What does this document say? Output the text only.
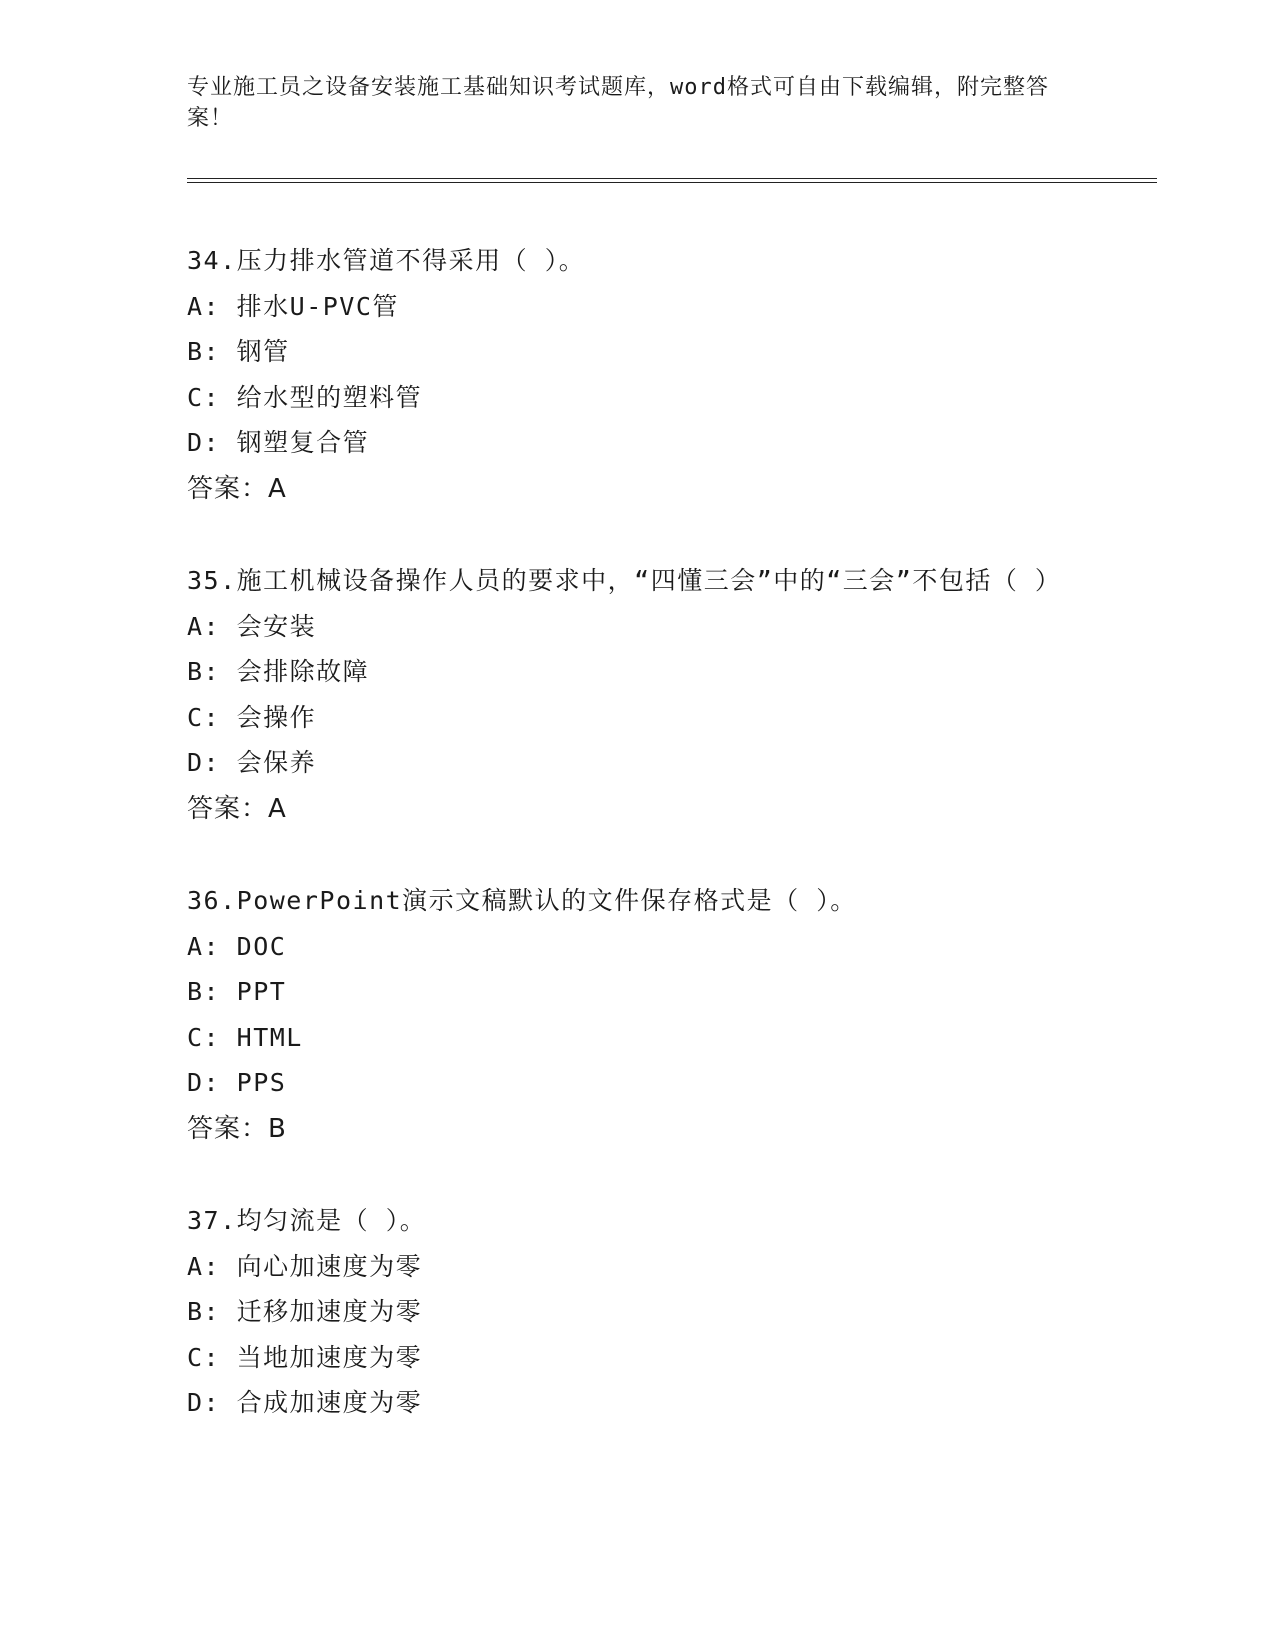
专业施工员之设备安装施工基础知识考试题库，word格式可自由下载编辑，附完整答案！
34.压力排水管道不得采用（ ）。
A: 排水U-PVC管
B: 钢管
C: 给水型的塑料管
D: 钢塑复合管
答案：A
35.施工机械设备操作人员的要求中，“四懂三会”中的“三会”不包括（ ）
A: 会安装
B: 会排除故障
C: 会操作
D: 会保养
答案：A
36.PowerPoint演示文稿默认的文件保存格式是（ ）。
A: DOC
B: PPT
C: HTML
D: PPS
答案：B
37.均匀流是（ ）。
A: 向心加速度为零
B: 迁移加速度为零
C: 当地加速度为零
D: 合成加速度为零
